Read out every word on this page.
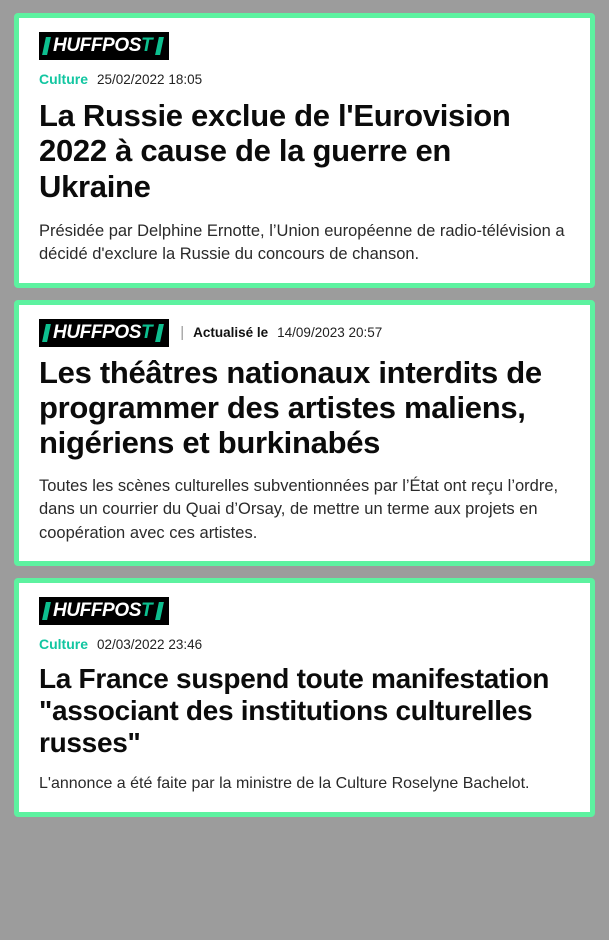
HUFFPOST
Culture 25/02/2022 18:05
La Russie exclue de l'Eurovision 2022 à cause de la guerre en Ukraine

Présidée par Delphine Ernotte, l’Union européenne de radio-télévision a décidé d'exclure la Russie du concours de chanson.

HUFFPOST | Actualisé le 14/09/2023 20:57
Les théâtres nationaux interdits de programmer des artistes maliens, nigériens et burkinabés

Toutes les scènes culturelles subventionnées par l’État ont reçu l’ordre, dans un courrier du Quai d’Orsay, de mettre un terme aux projets en coopération avec ces artistes.

HUFFPOST
Culture 02/03/2022 23:46
La France suspend toute manifestation "associant des institutions culturelles russes"

L'annonce a été faite par la ministre de la Culture Roselyne Bachelot.
